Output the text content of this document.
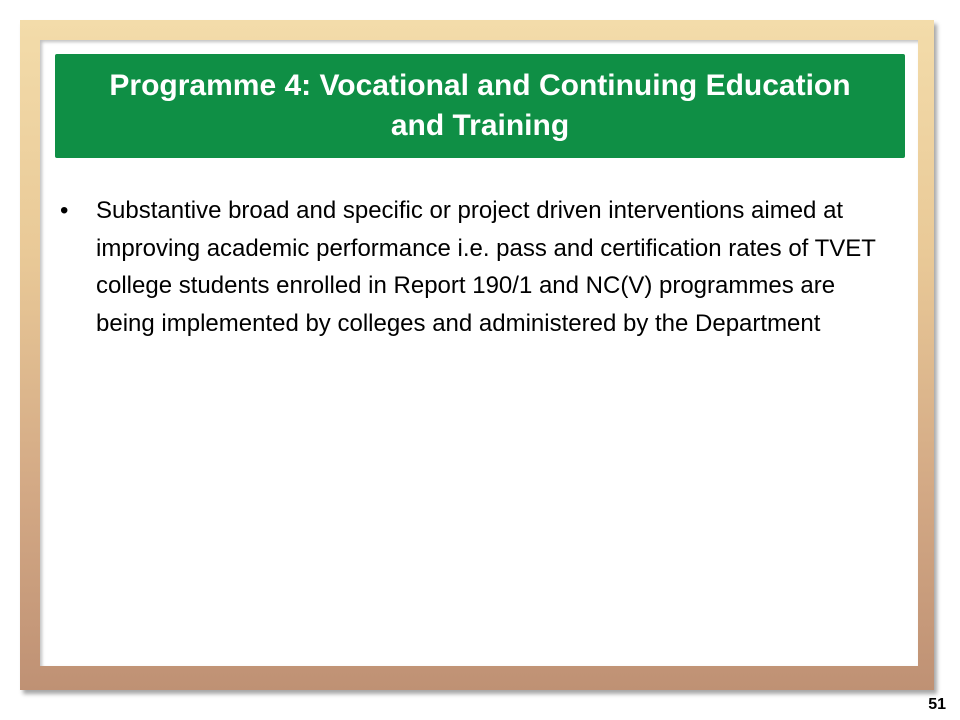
Programme 4: Vocational and Continuing Education and Training
• Substantive broad and specific or project driven interventions aimed at improving academic performance i.e. pass and certification rates of TVET college students enrolled in Report 190/1 and NC(V) programmes are being implemented by colleges and administered by the Department
51
